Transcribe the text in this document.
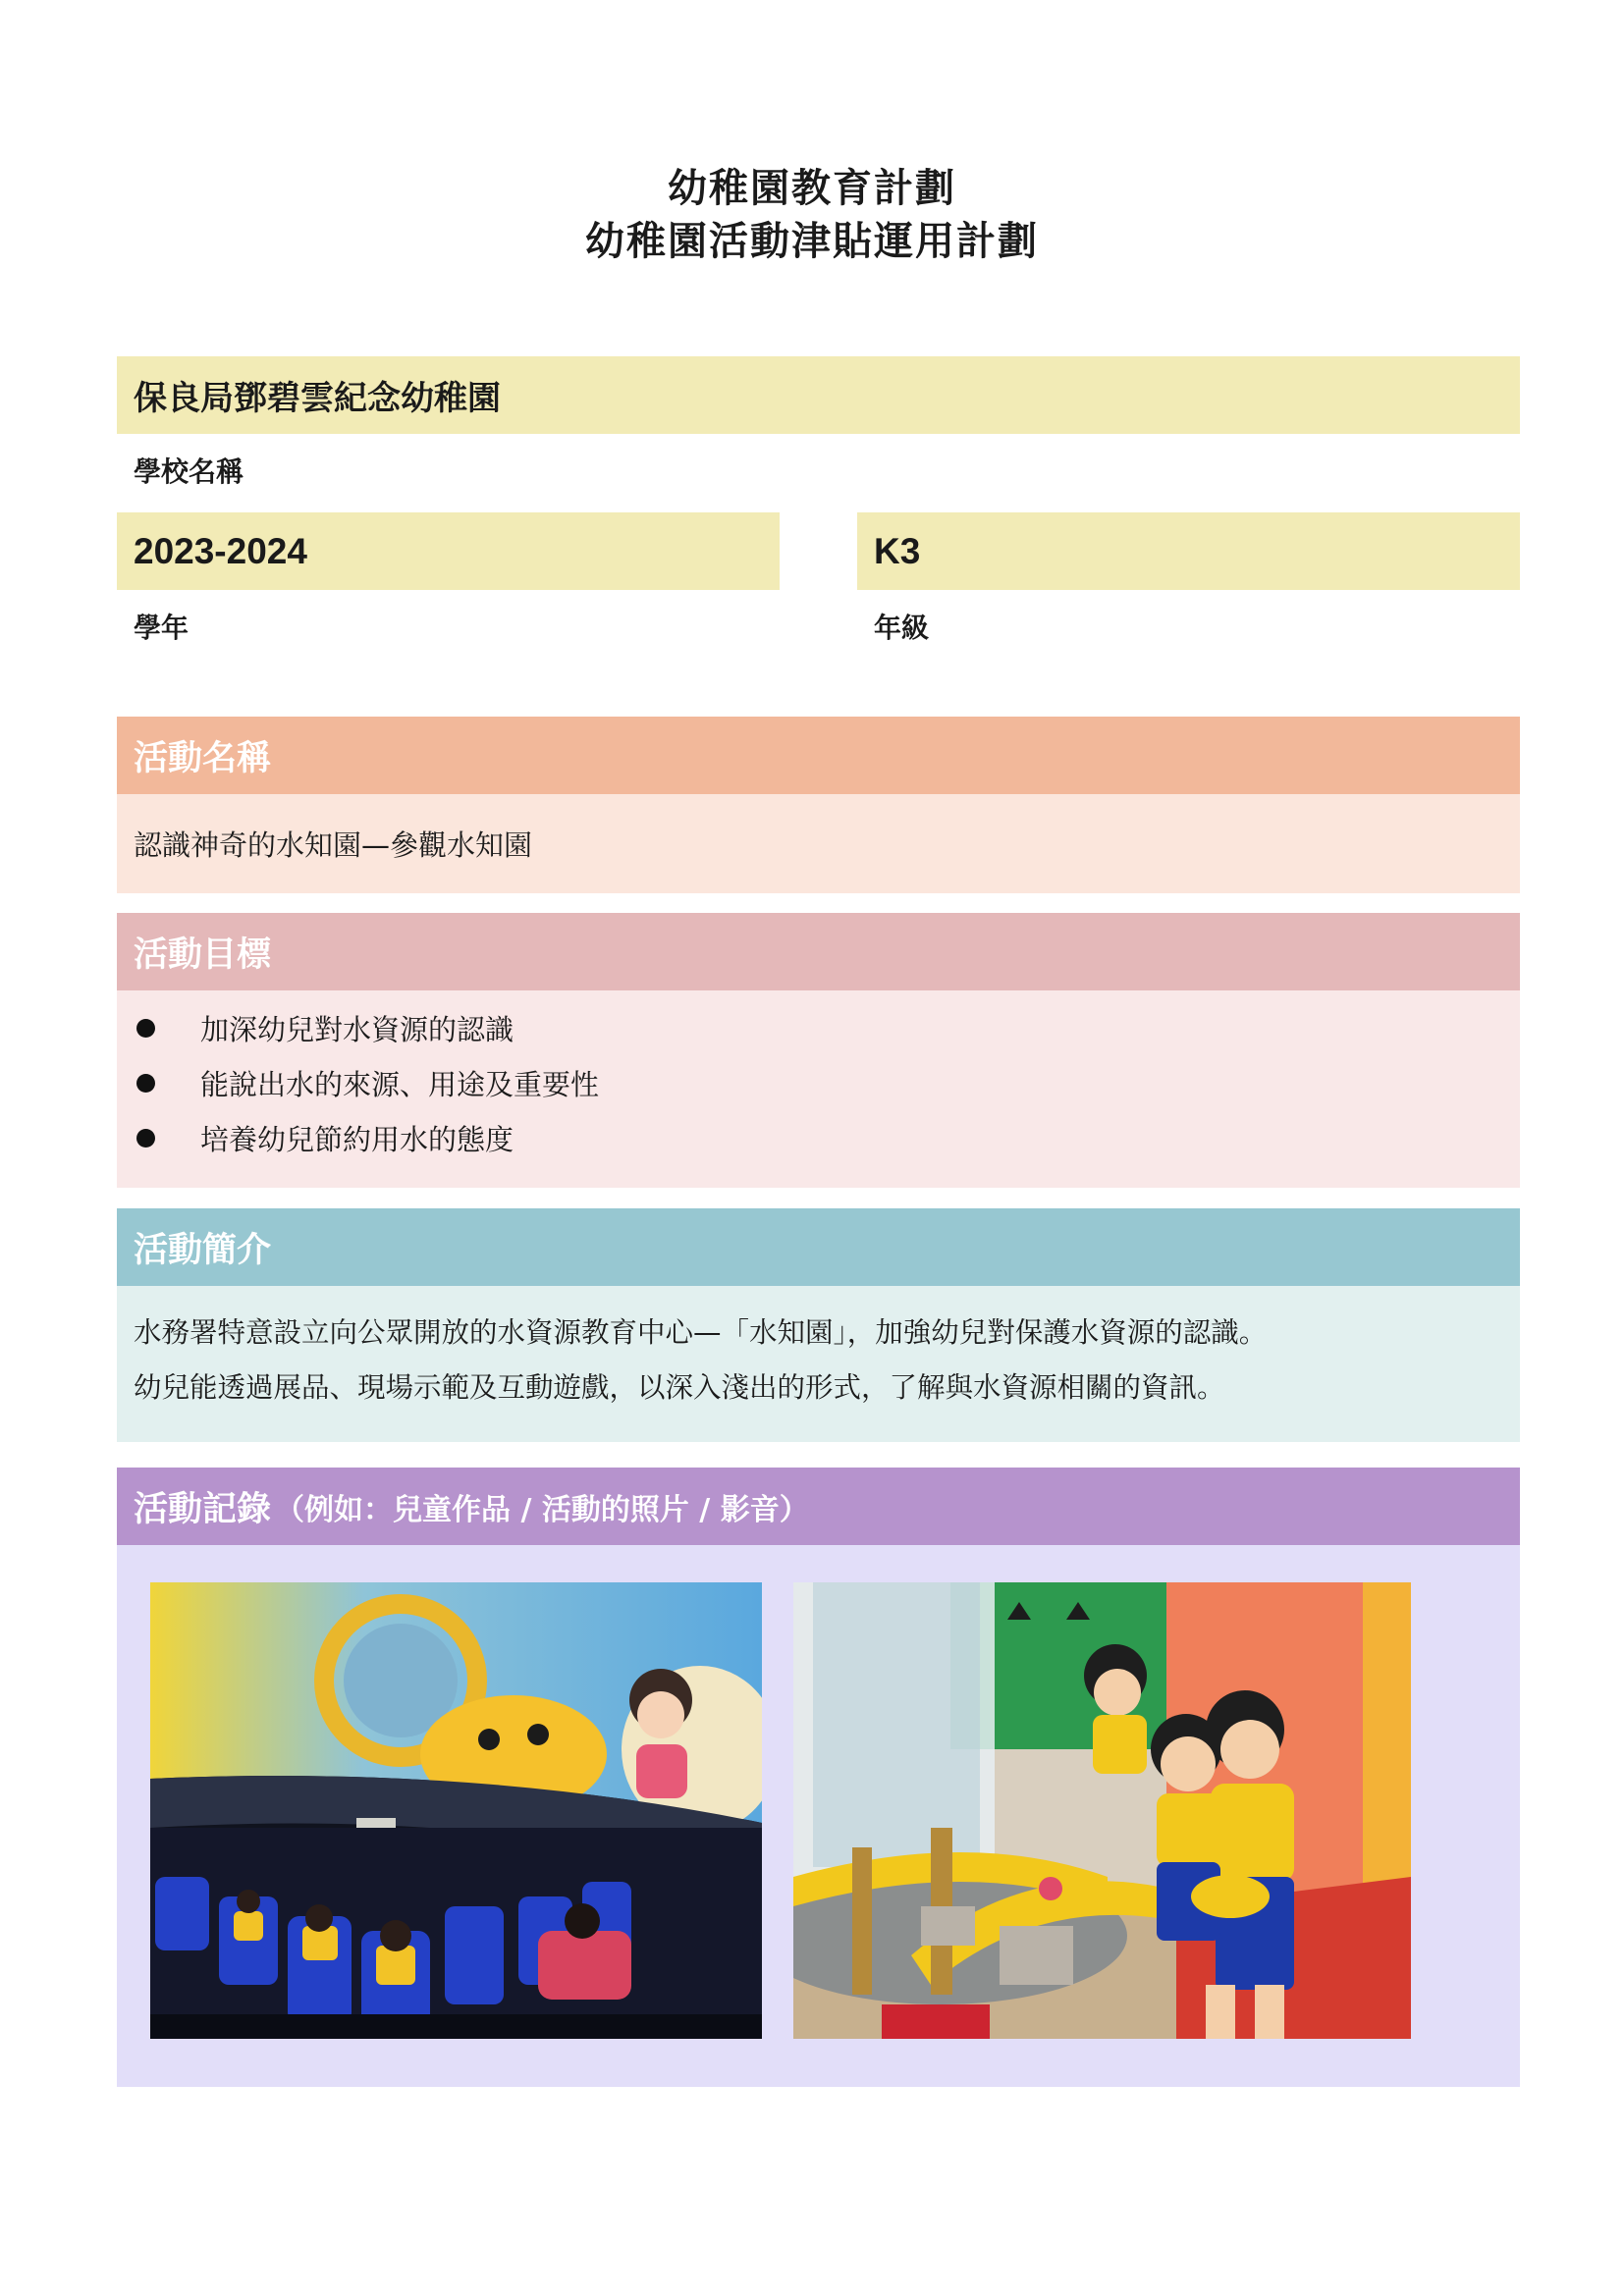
幼稚園教育計劃
幼稚園活動津貼運用計劃
保良局鄧碧雲紀念幼稚園
學校名稱
2023-2024	K3
學年	年級
活動名稱
認識神奇的水知園—參觀水知園
活動目標
加深幼兒對水資源的認識
能說出水的來源、用途及重要性
培養幼兒節約用水的態度
活動簡介
水務署特意設立向公眾開放的水資源教育中心—「水知園」，加強幼兒對保護水資源的認識。
幼兒能透過展品、現場示範及互動遊戲，以深入淺出的形式，了解與水資源相關的資訊。
活動記錄 （例如：兒童作品 / 活動的照片 / 影音）
